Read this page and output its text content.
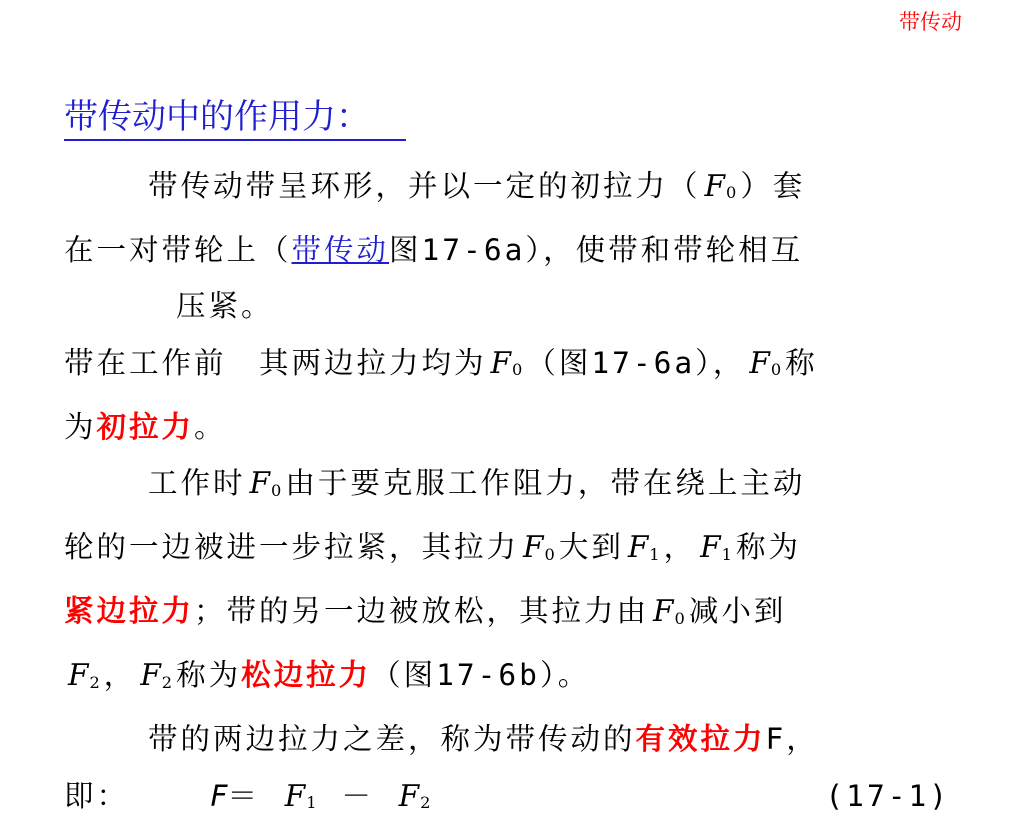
带传动
带传动中的作用力：

带传动带呈环形，并以一定的初拉力（ $F_0$ ）套
在一对带轮上（带传动图17-6a），使带和带轮相互
压紧。

带在工作前　其两边拉力均为 $F_0$ （图17-6a）， $F_0$ 称
为初拉力。

工作时 $F_0$ 由于要克服工作阻力，带在绕上主动
轮的一边被进一步拉紧，其拉力 $F_0$ 大到 $F_1$ ， $F_1$ 称为
紧边拉力；带的另一边被放松，其拉力由 $F_0$ 减小到
$F_2$ ， $F_2$ 称为松边拉力（图17-6b）。

带的两边拉力之差，称为带传动的有效拉力F，

即：	$F= F_1 - F_2$	(17-1)
